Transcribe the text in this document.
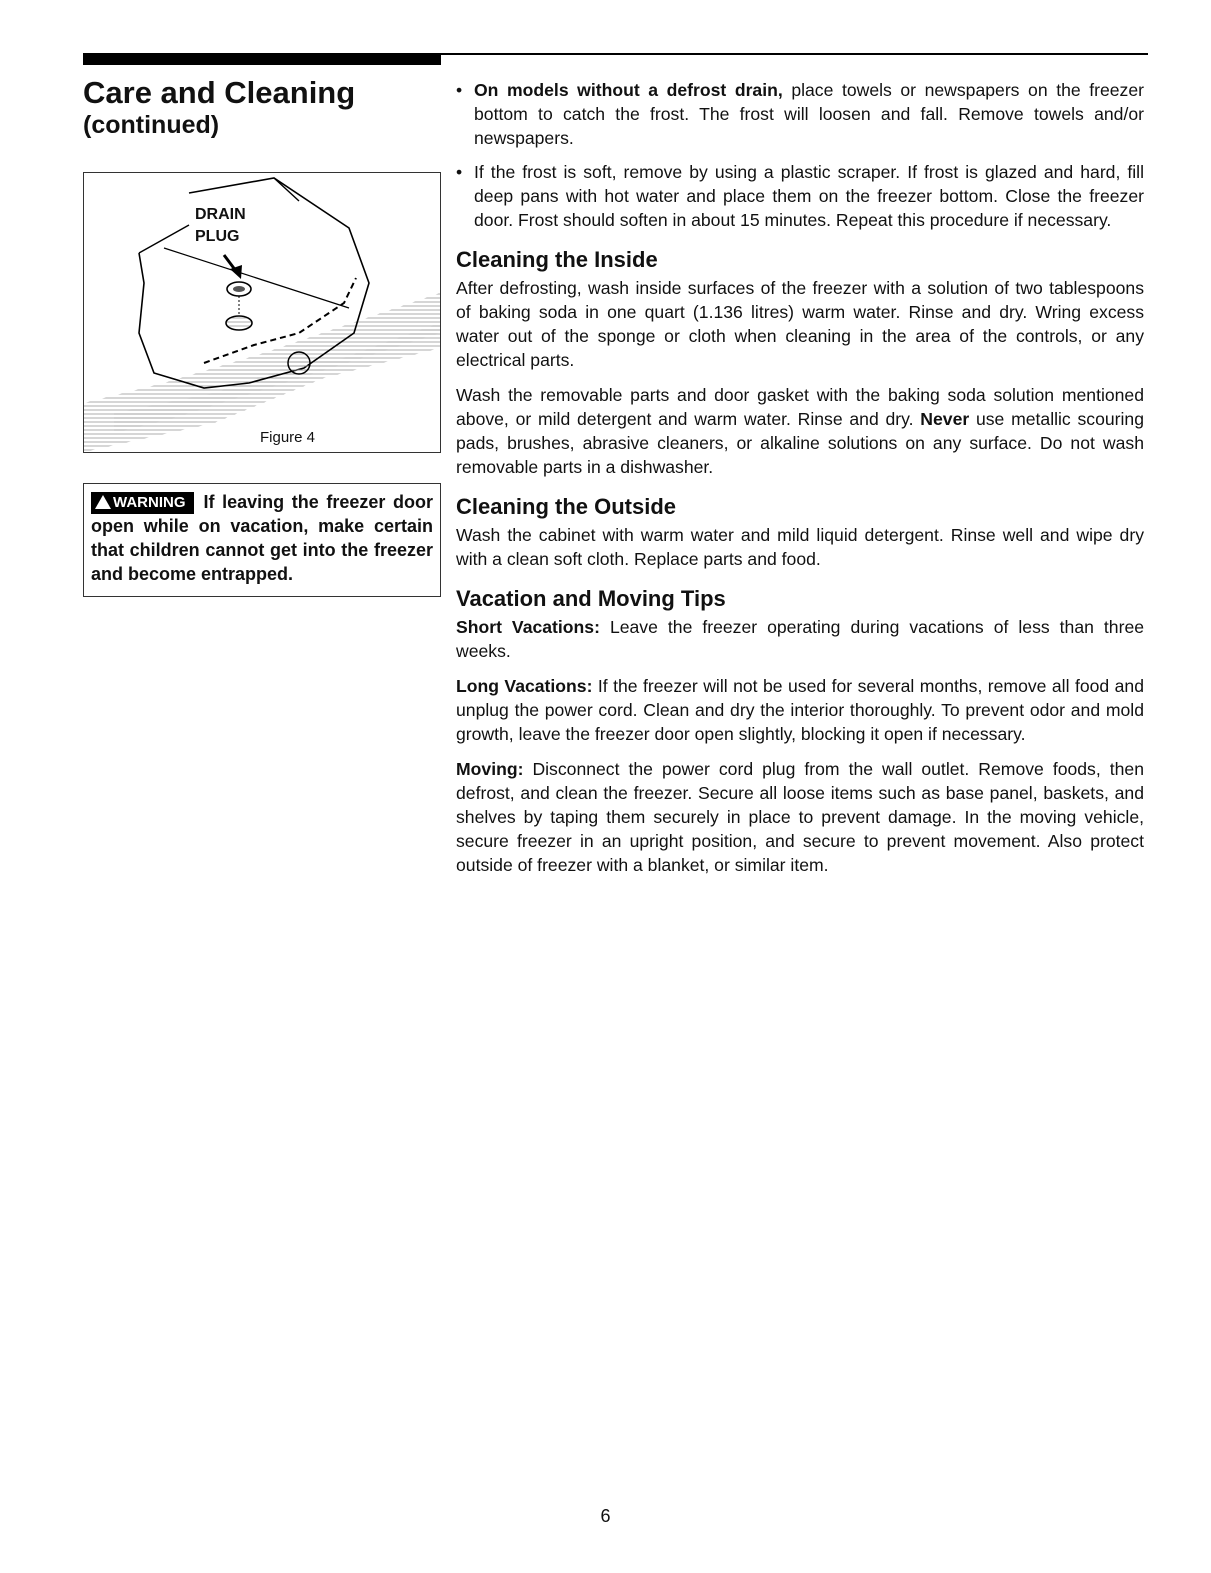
Care and Cleaning
(continued)
DRAIN
PLUG
Figure 4
WARNING If leaving the freezer door open while on vacation, make certain that children cannot get into the freezer and become entrapped.

• On models without a defrost drain, place towels or newspapers on the freezer bottom to catch the frost. The frost will loosen and fall. Remove towels and/or newspapers.

• If the frost is soft, remove by using a plastic scraper. If frost is glazed and hard, fill deep pans with hot water and place them on the freezer bottom. Close the freezer door. Frost should soften in about 15 minutes. Repeat this procedure if necessary.

Cleaning the Inside

After defrosting, wash inside surfaces of the freezer with a solution of two tablespoons of baking soda in one quart (1.136 litres) warm water. Rinse and dry. Wring excess water out of the sponge or cloth when cleaning in the area of the controls, or any electrical parts.

Wash the removable parts and door gasket with the baking soda solution mentioned above, or mild detergent and warm water. Rinse and dry. Never use metallic scouring pads, brushes, abrasive cleaners, or alkaline solutions on any surface. Do not wash removable parts in a dishwasher.

Cleaning the Outside

Wash the cabinet with warm water and mild liquid detergent. Rinse well and wipe dry with a clean soft cloth. Replace parts and food.

Vacation and Moving Tips

Short Vacations: Leave the freezer operating during vacations of less than three weeks.

Long Vacations: If the freezer will not be used for several months, remove all food and unplug the power cord. Clean and dry the interior thoroughly. To prevent odor and mold growth, leave the freezer door open slightly, blocking it open if necessary.

Moving: Disconnect the power cord plug from the wall outlet. Remove foods, then defrost, and clean the freezer. Secure all loose items such as base panel, baskets, and shelves by taping them securely in place to prevent damage. In the moving vehicle, secure freezer in an upright position, and secure to prevent movement. Also protect outside of freezer with a blanket, or similar item.

6
